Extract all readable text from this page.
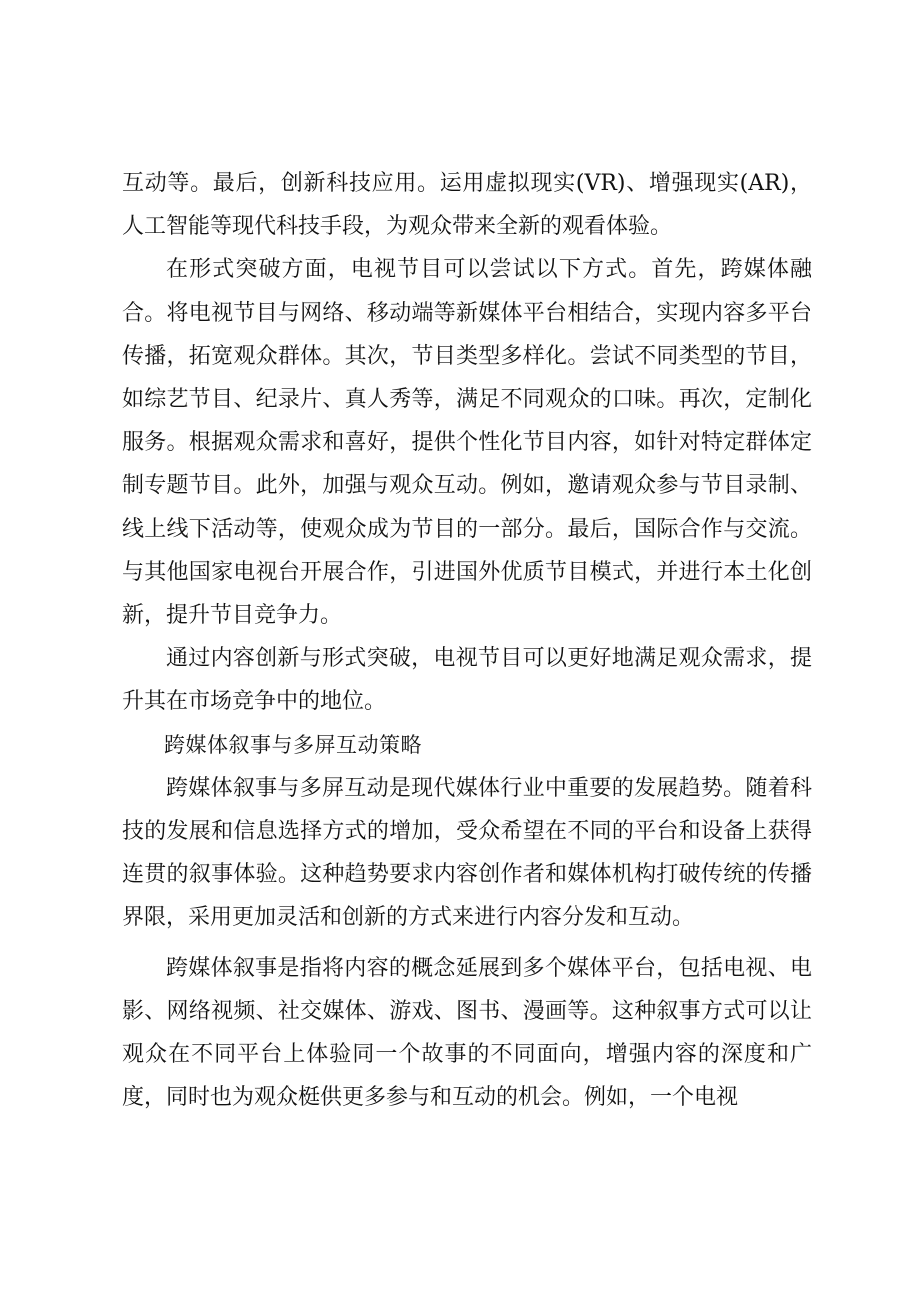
互动等。最后，创新科技应用。运用虚拟现实(VR)、增强现实(AR)，人工智能等现代科技手段，为观众带来全新的观看体验。

在形式突破方面，电视节目可以尝试以下方式。首先，跨媒体融合。将电视节目与网络、移动端等新媒体平台相结合，实现内容多平台传播，拓宽观众群体。其次，节目类型多样化。尝试不同类型的节目，如综艺节目、纪录片、真人秀等，满足不同观众的口味。再次，定制化服务。根据观众需求和喜好，提供个性化节目内容，如针对特定群体定制专题节目。此外，加强与观众互动。例如，邀请观众参与节目录制、线上线下活动等，使观众成为节目的一部分。最后，国际合作与交流。与其他国家电视台开展合作，引进国外优质节目模式，并进行本土化创新，提升节目竞争力。

通过内容创新与形式突破，电视节目可以更好地满足观众需求，提升其在市场竞争中的地位。

跨媒体叙事与多屏互动策略

跨媒体叙事与多屏互动是现代媒体行业中重要的发展趋势。随着科技的发展和信息选择方式的增加，受众希望在不同的平台和设备上获得连贯的叙事体验。这种趋势要求内容创作者和媒体机构打破传统的传播界限，采用更加灵活和创新的方式来进行内容分发和互动。

跨媒体叙事是指将内容的概念延展到多个媒体平台，包括电视、电影、网络视频、社交媒体、游戏、图书、漫画等。这种叙事方式可以让观众在不同平台上体验同一个故事的不同面向，增强内容的深度和广度，同时也为观众梃供更多参与和互动的机会。例如，一个电视
